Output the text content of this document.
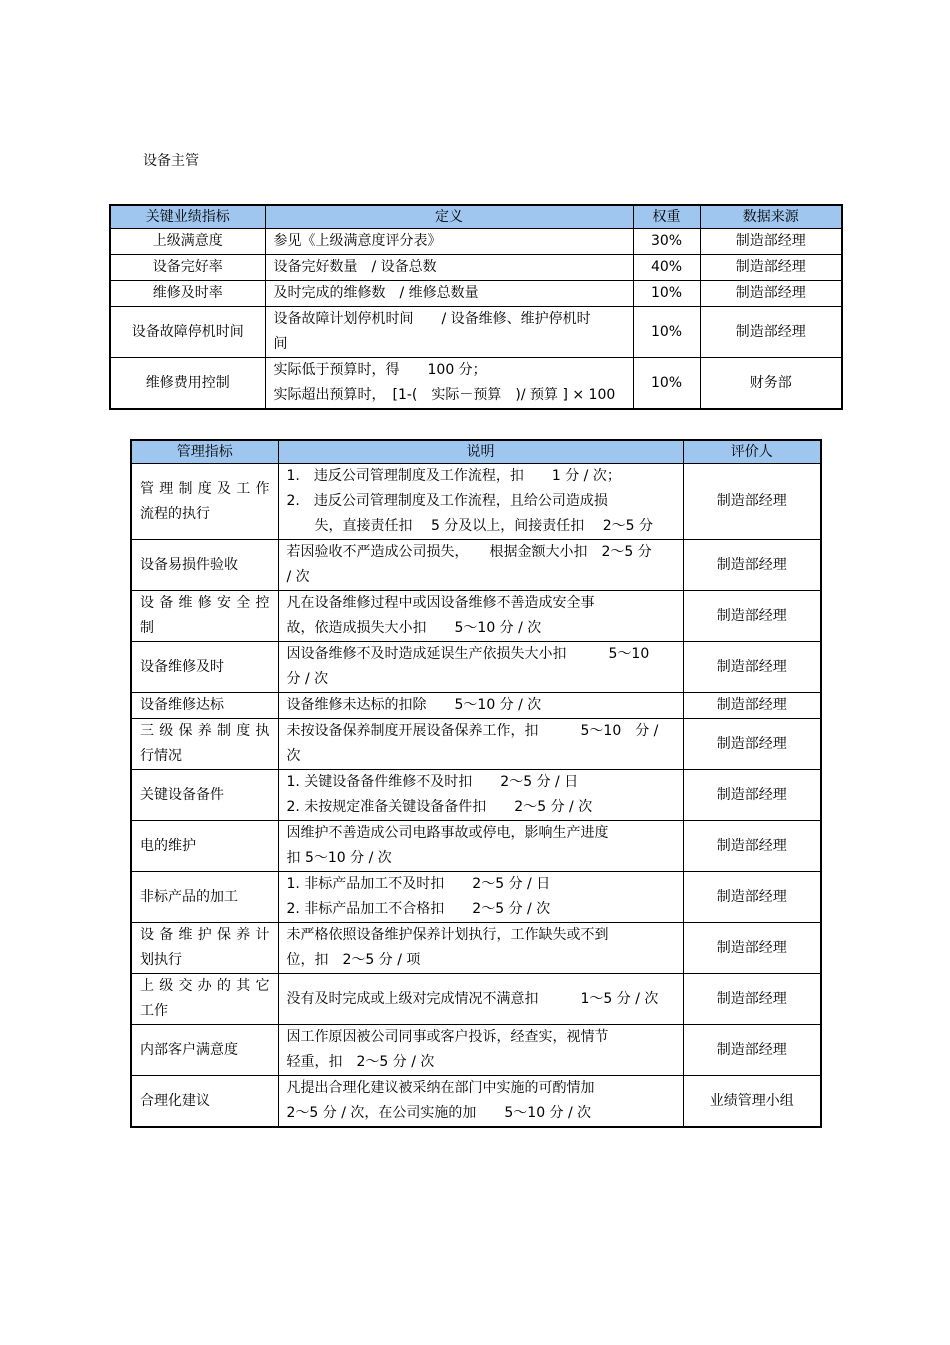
设备主管
关键业绩指标	定义	权重	数据来源
上级满意度	参见《上级满意度评分表》	30%	制造部经理
设备完好率	设备完好数量　/ 设备总数	40%	制造部经理
维修及时率	及时完成的维修数　/ 维修总数量	10%	制造部经理
设备故障停机时间	设备故障计划停机时间　　/ 设备维修、维护停机时
间	10%	制造部经理
维修费用控制	实际低于预算时，得　　100 分；
实际超出预算时，　[1-(　实际－预算　)/ 预算 ] × 100	10%	财务部
管理指标	说明	评价人
管 理 制 度 及 工 作 流程的执行	1.　违反公司管理制度及工作流程，扣　　1 分 / 次；
2.　违反公司管理制度及工作流程，且给公司造成损
　　失，直接责任扣　 5 分及以上，间接责任扣　 2～5 分	制造部经理
设备易损件验收	若因验收不严造成公司损失，　　根据金额大小扣　2～5 分
/ 次	制造部经理
设 备 维 修 安 全 控 制	凡在设备维修过程中或因设备维修不善造成安全事
故，依造成损失大小扣　　5～10 分 / 次	制造部经理
设备维修及时	因设备维修不及时造成延误生产依损失大小扣　　　5～10
分 / 次	制造部经理
设备维修达标	设备维修未达标的扣除　　5～10 分 / 次	制造部经理
三 级 保 养 制 度 执 行情况	未按设备保养制度开展设备保养工作，扣　　　5～10　分 /
次	制造部经理
关键设备备件	1. 关键设备备件维修不及时扣　　2～5 分 / 日
2. 未按规定准备关键设备备件扣　　2～5 分 / 次	制造部经理
电的维护	因维护不善造成公司电路事故或停电，影响生产进度
扣 5～10 分 / 次	制造部经理
非标产品的加工	1. 非标产品加工不及时扣　　2～5 分 / 日
2. 非标产品加工不合格扣　　2～5 分 / 次	制造部经理
设 备 维 护 保 养 计 划执行	未严格依照设备维护保养计划执行，工作缺失或不到
位，扣　2～5 分 / 项	制造部经理
上 级 交 办 的 其 它 工作	没有及时完成或上级对完成情况不满意扣　　　1～5 分 / 次	制造部经理
内部客户满意度	因工作原因被公司同事或客户投诉，经查实，视情节
轻重，扣　2～5 分 / 次	制造部经理
合理化建议	凡提出合理化建议被采纳在部门中实施的可酌情加
2～5 分 / 次，在公司实施的加　　5～10 分 / 次	业绩管理小组
